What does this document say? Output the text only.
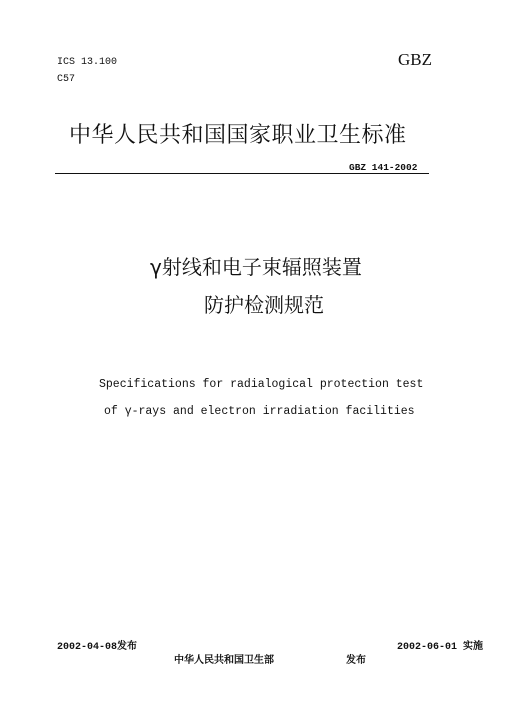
ICS 13.100
C57
GBZ
中华人民共和国国家职业卫生标准
GBZ 141-2002
γ射线和电子束辐照装置
防护检测规范
Specifications for radialogical protection test
of γ-rays and electron irradiation facilities
2002-04-08发布	2002-06-01 实施
中华人民共和国卫生部	发布
